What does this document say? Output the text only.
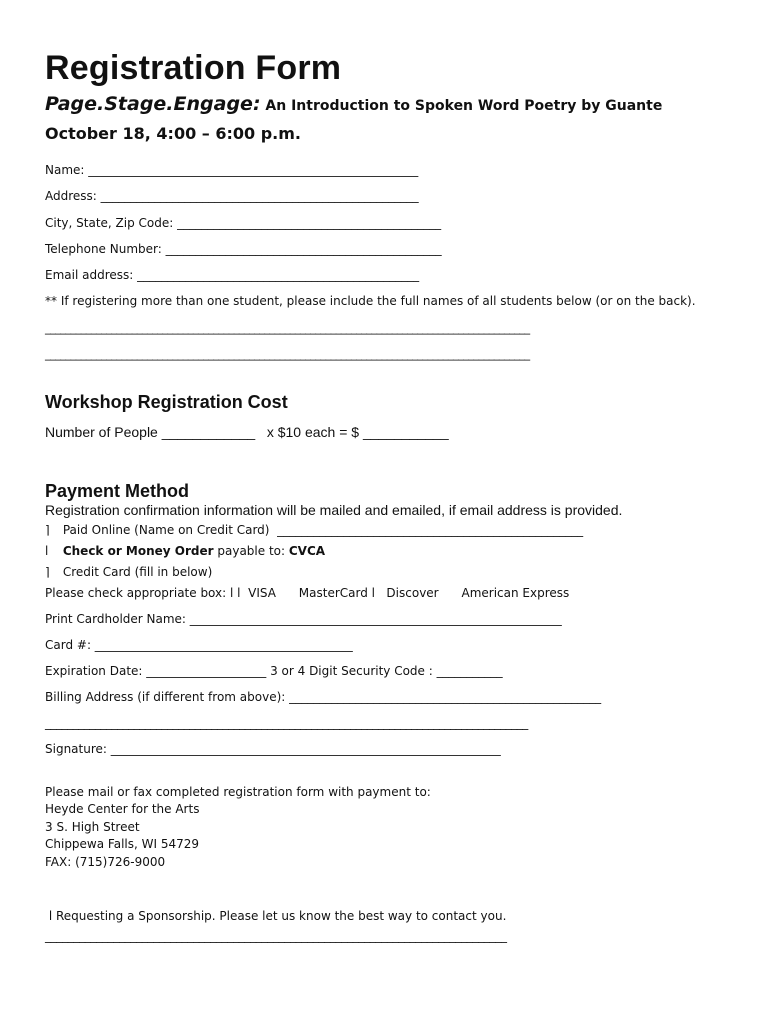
Registration Form
Page.Stage.Engage: An Introduction to Spoken Word Poetry by Guante
October 18, 4:00 – 6:00 p.m.
Name: _______________________________________________________
Address: _____________________________________________________
City, State, Zip Code: ____________________________________________
Telephone Number: ______________________________________________
Email address: _______________________________________________
** If registering more than one student, please include the full names of all students below (or on the back).
_______________________________________________________________________________________________
_______________________________________________________________________________________________
Workshop Registration Cost
Number of People ____________   x $10 each = $ ___________
Payment Method
Registration confirmation information will be mailed and emailed, if email address is provided.
⌉ Paid Online (Name on Credit Card)  ___________________________________________________
l Check or Money Order payable to: CVCA
⌉ Credit Card (fill in below)
Please check appropriate box: l l  VISA      MasterCard l   Discover      American Express
Print Cardholder Name: ______________________________________________________________
Card #: ___________________________________________
Expiration Date: ____________________ 3 or 4 Digit Security Code : ___________
Billing Address (if different from above): ____________________________________________________
_______________________________________________________________________________________
Signature: _________________________________________________________________
Please mail or fax completed registration form with payment to:
Heyde Center for the Arts
3 S. High Street
Chippewa Falls, WI 54729
FAX: (715)726-9000
l Requesting a Sponsorship. Please let us know the best way to contact you.
_________________________________________________________________________________
